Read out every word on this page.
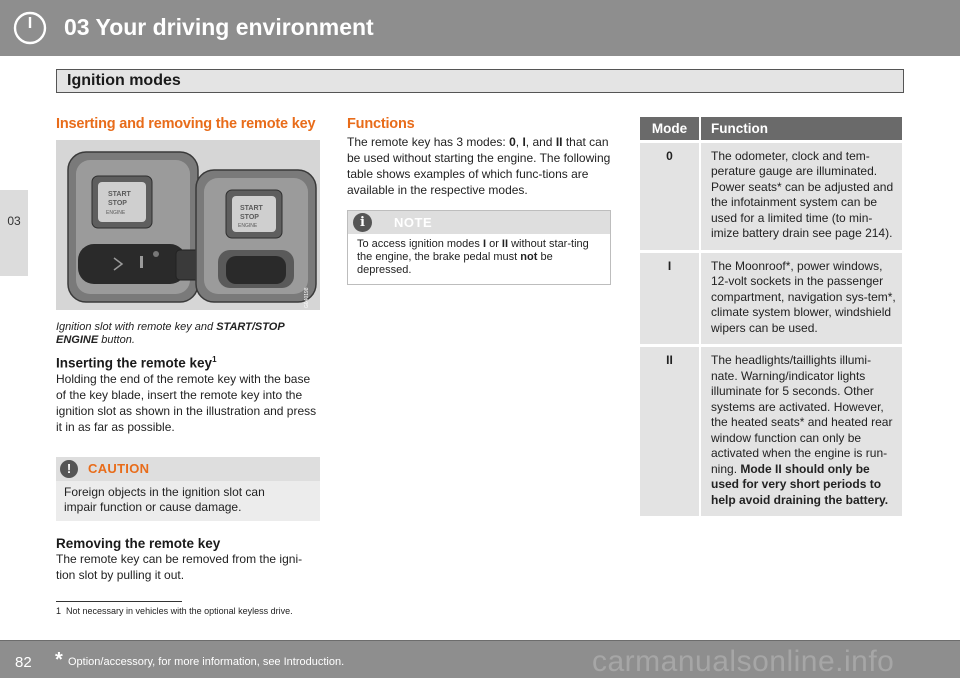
03 Your driving environment
Ignition modes
03
Inserting and removing the remote key
START
STOP
ENGINE
START
STOP
ENGINE
G040198
Ignition slot with remote key and START/STOP ENGINE button.
Inserting the remote key$^1$
Holding the end of the remote key with the base of the key blade, insert the remote key into the ignition slot as shown in the illustration and press it in as far as possible.
!	CAUTION
Foreign objects in the ignition slot can impair function or cause damage.
Removing the remote key
The remote key can be removed from the igni-tion slot by pulling it out.
Functions
The remote key has 3 modes: 0, I, and II that can be used without starting the engine. The following table shows examples of which func-tions are available in the respective modes.
i	NOTE
To access ignition modes I or II without star-ting the engine, the brake pedal must not be depressed.
Mode	Function
0	The odometer, clock and tem-perature gauge are illuminated. Power seats* can be adjusted and the infotainment system can be used for a limited time (to min-imize battery drain see page 214).
I	The Moonroof*, power windows, 12-volt sockets in the passenger compartment, navigation sys-tem*, climate system blower, windshield wipers can be used.
II	The headlights/taillights illumi-nate. Warning/indicator lights illuminate for 5 seconds. Other systems are activated. However, the heated seats* and heated rear window function can only be activated when the engine is run-ning. Mode II should only be used for very short periods to help avoid draining the battery.
1 Not necessary in vehicles with the optional keyless drive.
82 * Option/accessory, for more information, see Introduction.	carmanualsonline.info
